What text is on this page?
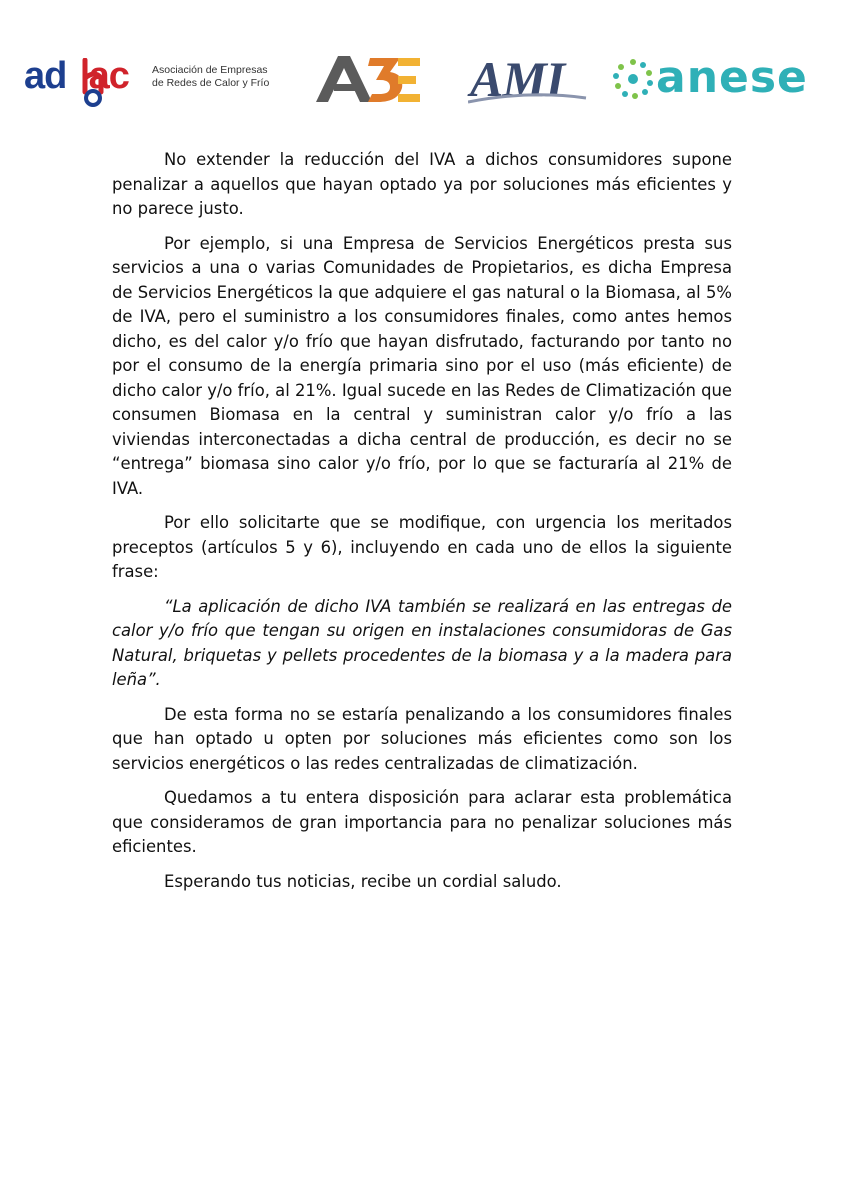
ad ac Asociación de Empresas
de Redes de Calor y Frío	AMI anese

No extender la reducción del IVA a dichos consumidores supone penalizar a aquellos que hayan optado ya por soluciones más eficientes y no parece justo.

Por ejemplo, si una Empresa de Servicios Energéticos presta sus servicios a una o varias Comunidades de Propietarios, es dicha Empresa de Servicios Energéticos la que adquiere el gas natural o la Biomasa, al 5% de IVA, pero el suministro a los consumidores finales, como antes hemos dicho, es del calor y/o frío que hayan disfrutado, facturando por tanto no por el consumo de la energía primaria sino por el uso (más eficiente) de dicho calor y/o frío, al 21%. Igual sucede en las Redes de Climatización que consumen Biomasa en la central y suministran calor y/o frío a las viviendas interconectadas a dicha central de producción, es decir no se “entrega” biomasa sino calor y/o frío, por lo que se facturaría al 21% de IVA.

Por ello solicitarte que se modifique, con urgencia los meritados preceptos (artículos 5 y 6), incluyendo en cada uno de ellos la siguiente frase:

“La aplicación de dicho IVA también se realizará en las entregas de calor y/o frío que tengan su origen en instalaciones consumidoras de Gas Natural, briquetas y pellets procedentes de la biomasa y a la madera para leña”.

De esta forma no se estaría penalizando a los consumidores finales que han optado u opten por soluciones más eficientes como son los servicios energéticos o las redes centralizadas de climatización.

Quedamos a tu entera disposición para aclarar esta problemática que consideramos de gran importancia para no penalizar soluciones más eficientes.

Esperando tus noticias, recibe un cordial saludo.
